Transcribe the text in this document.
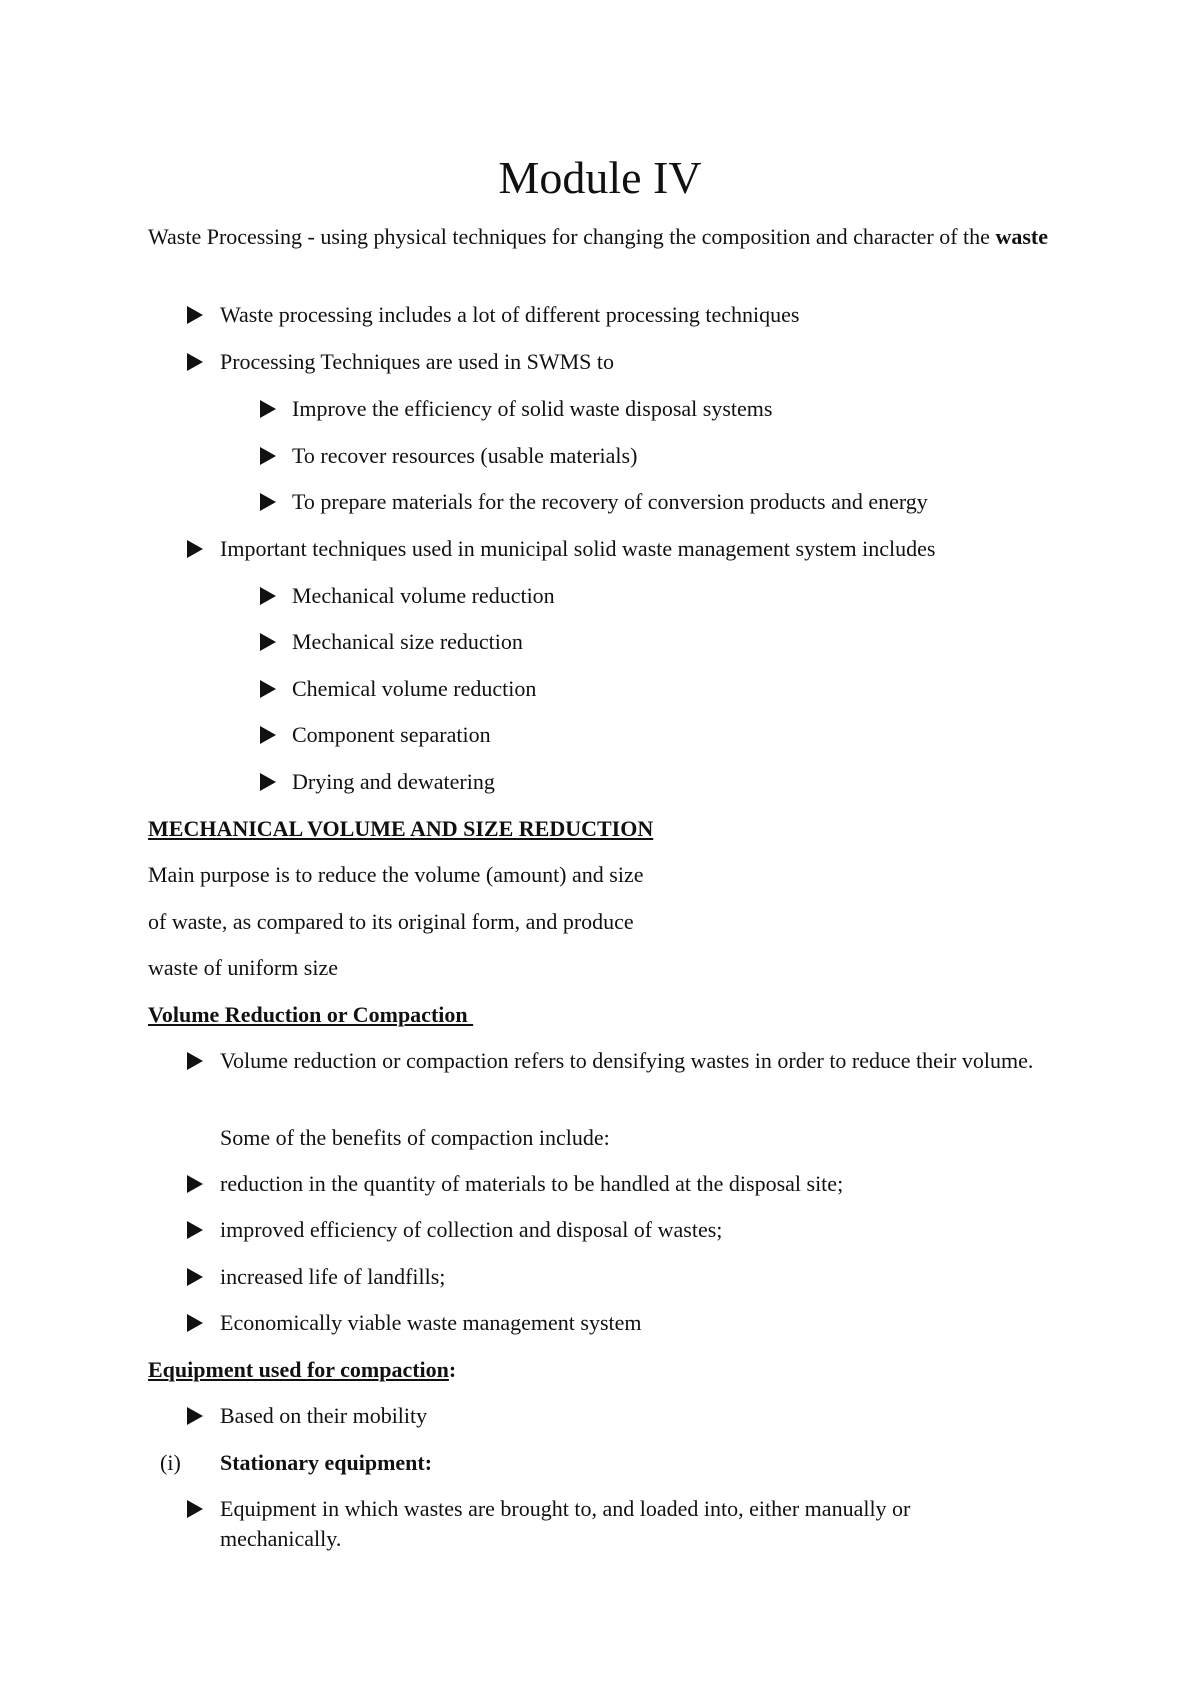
Module IV
Waste Processing - using physical techniques for changing the composition and character of the waste
Waste processing includes a lot of different processing techniques
Processing Techniques are used in SWMS to
Improve the efficiency of solid waste disposal systems
To recover resources (usable materials)
To prepare materials for the recovery of conversion products and energy
Important techniques used in municipal solid waste management system includes
Mechanical volume reduction
Mechanical size reduction
Chemical volume reduction
Component separation
Drying and dewatering
MECHANICAL VOLUME AND SIZE REDUCTION
Main purpose is to reduce the volume (amount) and size
of waste, as compared to its original form, and produce
waste of uniform size
Volume Reduction or Compaction
Volume reduction or compaction refers to densifying wastes in order to reduce their volume.
Some of the benefits of compaction include:
reduction in the quantity of materials to be handled at the disposal site;
improved efficiency of collection and disposal of wastes;
increased life of landfills;
Economically viable waste management system
Equipment used for compaction:
Based on their mobility
(i) Stationary equipment:
Equipment in which wastes are brought to, and loaded into, either manually or mechanically.
